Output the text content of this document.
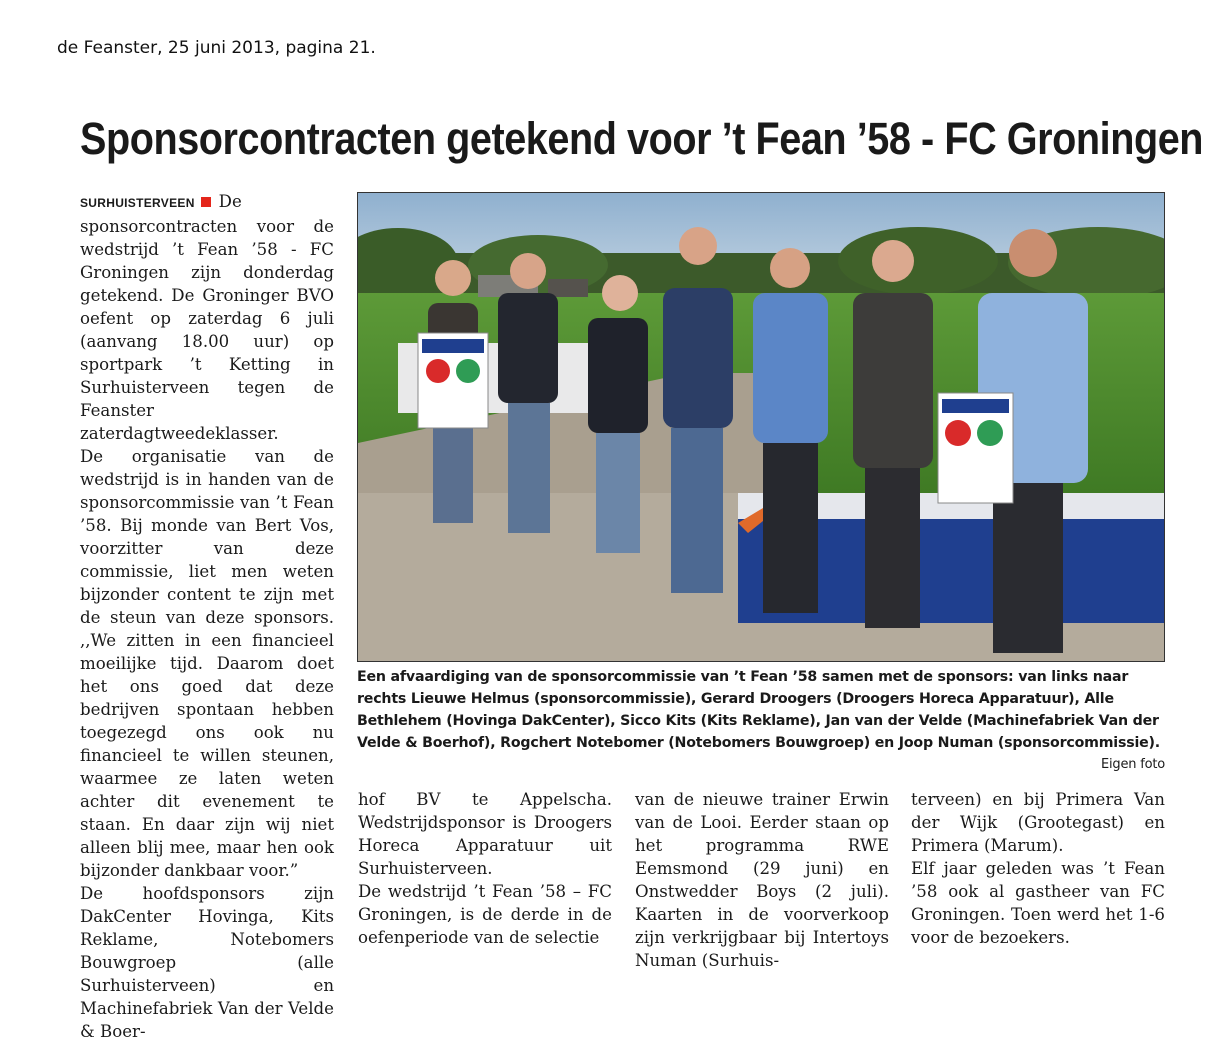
de Feanster, 25 juni 2013, pagina 21.
Sponsorcontracten getekend voor ’t Fean ’58 - FC Groningen

SURHUISTERVEEN De sponsorcontracten voor de wedstrijd ’t Fean ’58 - FC Groningen zijn donderdag getekend. De Groninger BVO oefent op zaterdag 6 juli (aanvang 18.00 uur) op sportpark ’t Ketting in Surhuisterveen tegen de Feanster zaterdagtweedeklasser.

De organisatie van de wedstrijd is in handen van de sponsorcommissie van ’t Fean ’58. Bij monde van Bert Vos, voorzitter van deze commissie, liet men weten bijzonder content te zijn met de steun van deze sponsors. ,,We zitten in een financieel moeilijke tijd. Daarom doet het ons goed dat deze bedrijven spontaan hebben toegezegd ons ook nu financieel te willen steunen, waarmee ze laten weten achter dit evenement te staan. En daar zijn wij niet alleen blij mee, maar hen ook bijzonder dankbaar voor.”

De hoofdsponsors zijn DakCenter Hovinga, Kits Reklame, Notebomers Bouwgroep (alle Surhuisterveen) en Machinefabriek Van der Velde & Boer-

Een afvaardiging van de sponsorcommissie van ’t Fean ’58 samen met de sponsors: van links naar rechts Lieuwe Helmus (sponsorcommissie), Gerard Droogers (Droogers Horeca Apparatuur), Alle Bethlehem (Hovinga DakCenter), Sicco Kits (Kits Reklame), Jan van der Velde (Machinefabriek Van der Velde & Boerhof), Rogchert Notebomer (Notebomers Bouwgroep) en Joop Numan (sponsorcommissie).
Eigen foto

hof BV te Appelscha. Wedstrijdsponsor is Droogers Horeca Apparatuur uit Surhuisterveen.

De wedstrijd ’t Fean ’58 – FC Groningen, is de derde in de oefenperiode van de selectie

van de nieuwe trainer Erwin van de Looi. Eerder staan op het programma RWE Eemsmond (29 juni) en Onstwedder Boys (2 juli). Kaarten in de voorverkoop zijn verkrijgbaar bij Intertoys Numan (Surhuis-

terveen) en bij Primera Van der Wijk (Grootegast) en Primera (Marum).

Elf jaar geleden was ’t Fean ’58 ook al gastheer van FC Groningen. Toen werd het 1-6 voor de bezoekers.
